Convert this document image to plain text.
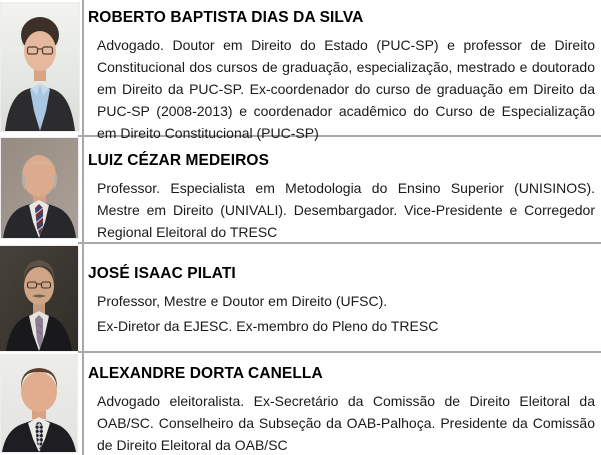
ROBERTO BAPTISTA DIAS DA SILVA

Advogado. Doutor em Direito do Estado (PUC-SP) e professor de Direito Constitucional dos cursos de graduação, especialização, mestrado e doutorado em Direito da PUC-SP. Ex-coordenador do curso de graduação em Direito da PUC-SP (2008-2013) e coordenador acadêmico do Curso de Especialização em Direito Constitucional (PUC-SP)

LUIZ CÉZAR MEDEIROS

Professor. Especialista em Metodologia do Ensino Superior (UNISINOS). Mestre em Direito (UNIVALI). Desembargador. Vice-Presidente e Corregedor Regional Eleitoral do TRESC

JOSÉ ISAAC PILATI

Professor, Mestre e Doutor em Direito (UFSC).

Ex-Diretor da EJESC. Ex-membro do Pleno do TRESC

ALEXANDRE DORTA CANELLA

Advogado eleitoralista. Ex-Secretário da Comissão de Direito Eleitoral da OAB/SC. Conselheiro da Subseção da OAB-Palhoça. Presidente da Comissão de Direito Eleitoral da OAB/SC
